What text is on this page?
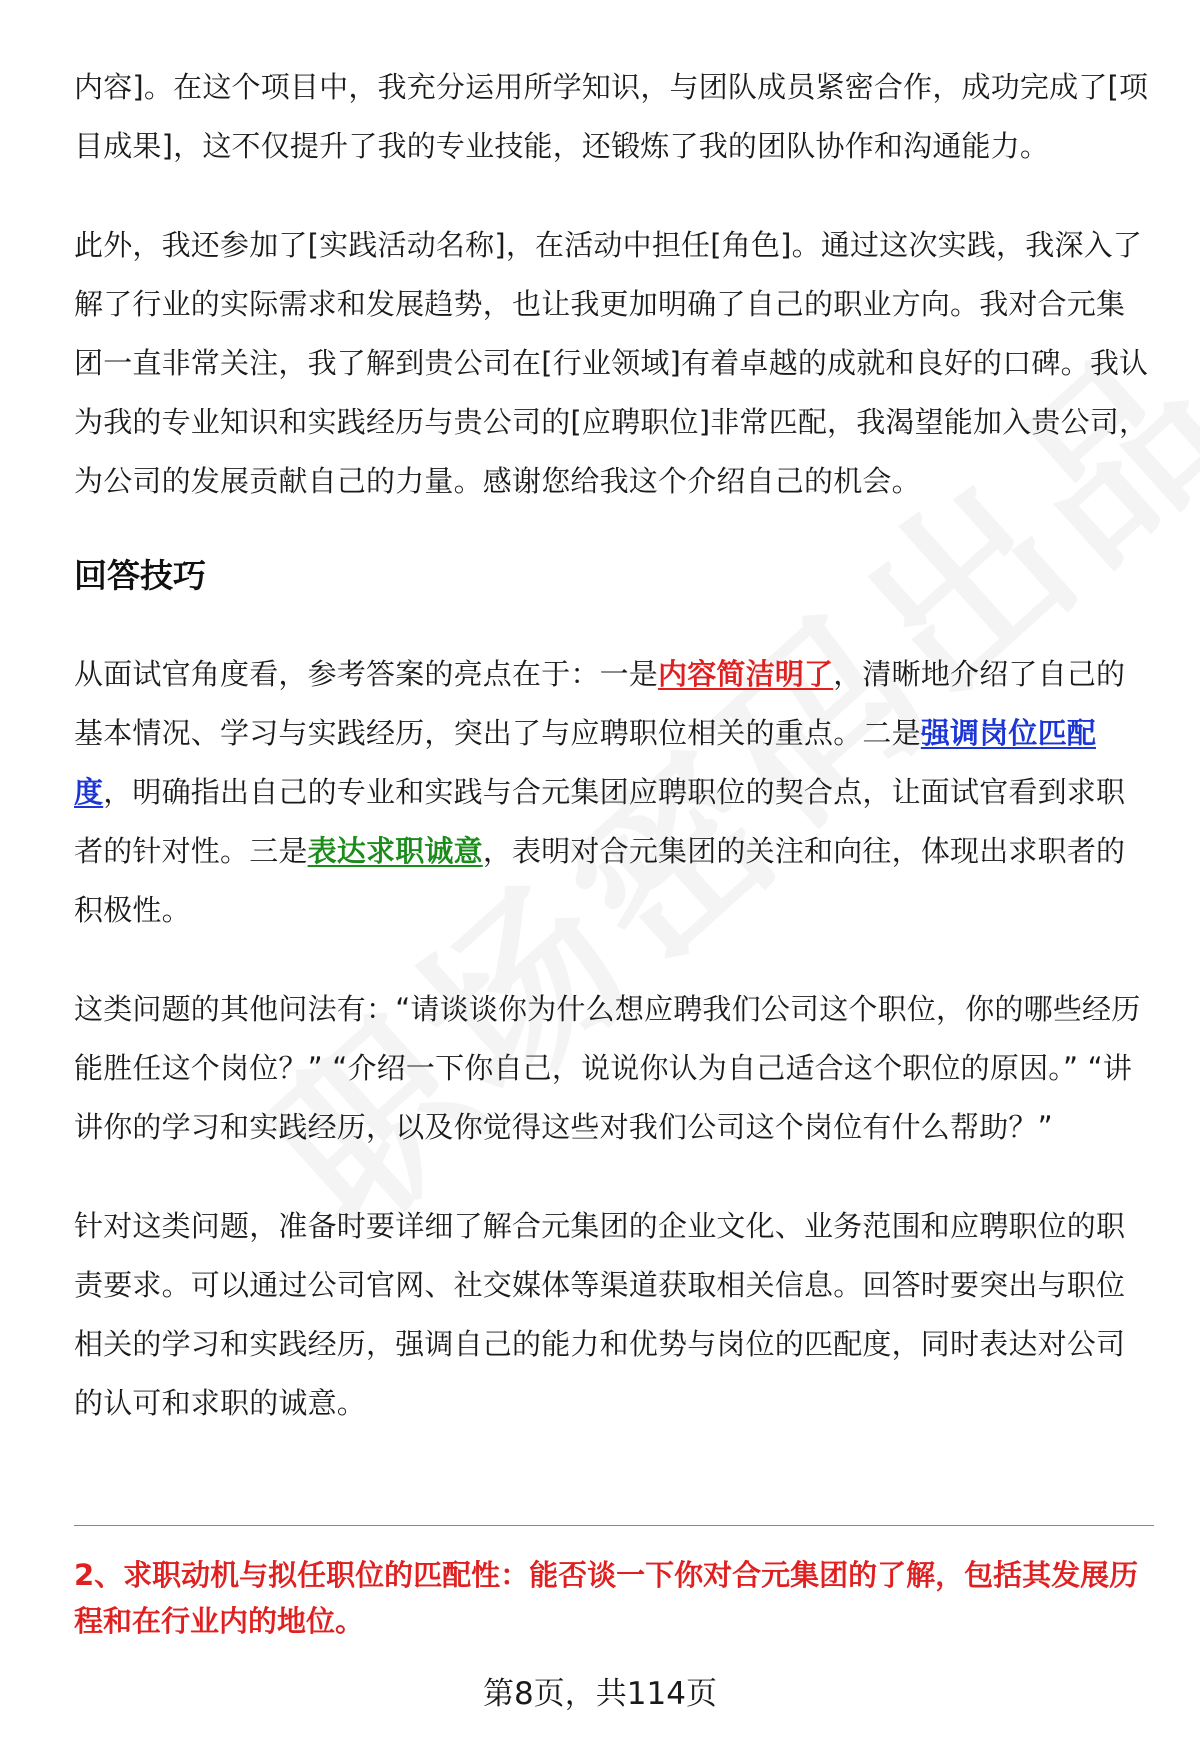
内容]。在这个项目中，我充分运用所学知识，与团队成员紧密合作，成功完成了[项目成果]，这不仅提升了我的专业技能，还锻炼了我的团队协作和沟通能力。

此外，我还参加了[实践活动名称]，在活动中担任[角色]。通过这次实践，我深入了解了行业的实际需求和发展趋势，也让我更加明确了自己的职业方向。我对合元集团一直非常关注，我了解到贵公司在[行业领域]有着卓越的成就和良好的口碑。我认为我的专业知识和实践经历与贵公司的[应聘职位]非常匹配，我渴望能加入贵公司，为公司的发展贡献自己的力量。感谢您给我这个介绍自己的机会。

回答技巧

从面试官角度看，参考答案的亮点在于：一是内容简洁明了，清晰地介绍了自己的基本情况、学习与实践经历，突出了与应聘职位相关的重点。二是强调岗位匹配度，明确指出自己的专业和实践与合元集团应聘职位的契合点，让面试官看到求职者的针对性。三是表达求职诚意，表明对合元集团的关注和向往，体现出求职者的积极性。

这类问题的其他问法有：“请谈谈你为什么想应聘我们公司这个职位，你的哪些经历能胜任这个岗位？” “介绍一下你自己，说说你认为自己适合这个职位的原因。” “讲讲你的学习和实践经历，以及你觉得这些对我们公司这个岗位有什么帮助？”

针对这类问题，准备时要详细了解合元集团的企业文化、业务范围和应聘职位的职责要求。可以通过公司官网、社交媒体等渠道获取相关信息。回答时要突出与职位相关的学习和实践经历，强调自己的能力和优势与岗位的匹配度，同时表达对公司的认可和求职的诚意。

2、求职动机与拟任职位的匹配性：能否谈一下你对合元集团的了解，包括其发展历程和在行业内的地位。
第8页，共114页
